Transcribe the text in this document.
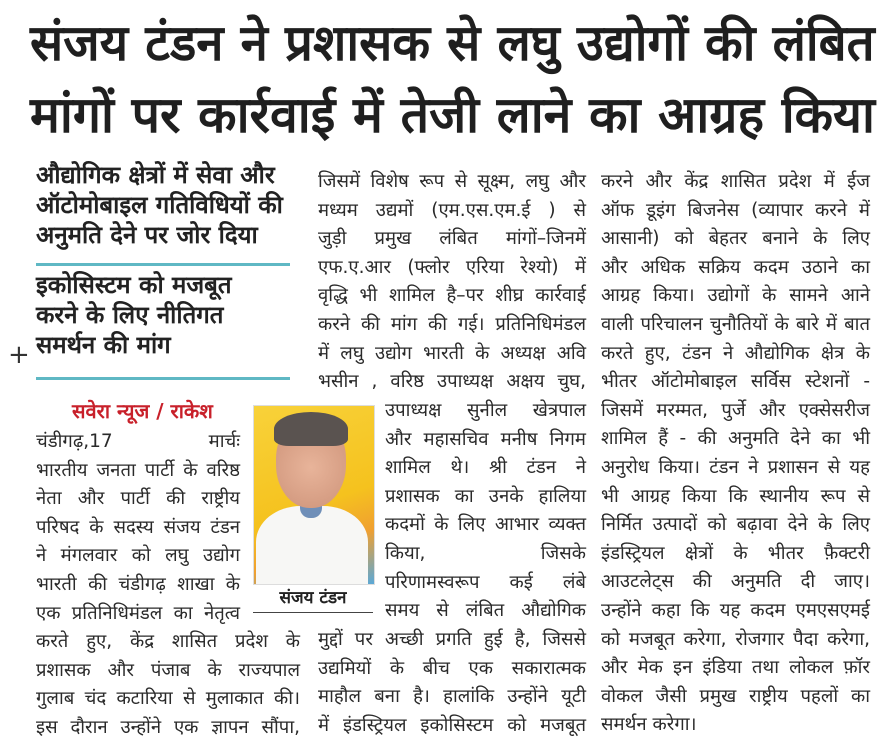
संजय टंडन ने प्रशासक से लघु उद्योगों की लंबित
मांगों पर कार्रवाई में तेजी लाने का आग्रह किया
औद्योगिक क्षेत्रों में सेवा और
ऑटोमोबाइल गतिविधियों की
अनुमति देने पर जोर दिया
इकोसिस्टम को मजबूत
करने के लिए नीतिगत
समर्थन की मांग
+
सवेरा न्यूज / राकेश
चंडीगढ़,17 मार्चः
भारतीय जनता पार्टी के वरिष्ठ
नेता और पार्टी की राष्ट्रीय
परिषद के सदस्य संजय टंडन
ने मंगलवार को लघु उद्योग
भारती की चंडीगढ़ शाखा के
एक प्रतिनिधिमंडल का नेतृत्व
करते हुए, केंद्र शासित प्रदेश के
प्रशासक और पंजाब के राज्यपाल
गुलाब चंद कटारिया से मुलाकात की।
इस दौरान उन्होंने एक ज्ञापन सौंपा,
संजय टंडन
जिसमें विशेष रूप से सूक्ष्म, लघु और
मध्यम उद्यमों (एम.एस.एम.ई ) से
जुड़ी प्रमुख लंबित मांगों–जिनमें
एफ.ए.आर (फ्लोर एरिया रेश्यो) में
वृद्धि भी शामिल है–पर शीघ्र कार्रवाई
करने की मांग की गई। प्रतिनिधिमंडल
में लघु उद्योग भारती के अध्यक्ष अवि
भसीन , वरिष्ठ उपाध्यक्ष अक्षय चुघ,
उपाध्यक्ष सुनील खेत्रपाल
और महासचिव मनीष निगम
शामिल थे। श्री टंडन ने
प्रशासक का उनके हालिया
कदमों के लिए आभार व्यक्त
किया, जिसके
परिणामस्वरूप कई लंबे
समय से लंबित औद्योगिक
मुद्दों पर अच्छी प्रगति हुई है, जिससे
उद्यमियों के बीच एक सकारात्मक
माहौल बना है। हालांकि उन्होंने यूटी
में इंडस्ट्रियल इकोसिस्टम को मजबूत
करने और केंद्र शासित प्रदेश में ईज
ऑफ डूइंग बिजनेस (व्यापार करने में
आसानी) को बेहतर बनाने के लिए
और अधिक सक्रिय कदम उठाने का
आग्रह किया। उद्योगों के सामने आने
वाली परिचालन चुनौतियों के बारे में बात
करते हुए, टंडन ने औद्योगिक क्षेत्र के
भीतर ऑटोमोबाइल सर्विस स्टेशनों -
जिसमें मरम्मत, पुर्जे और एक्सेसरीज
शामिल हैं - की अनुमति देने का भी
अनुरोध किया। टंडन ने प्रशासन से यह
भी आग्रह किया कि स्थानीय रूप से
निर्मित उत्पादों को बढ़ावा देने के लिए
इंडस्ट्रियल क्षेत्रों के भीतर फ़ैक्टरी
आउटलेट्स की अनुमति दी जाए।
उन्होंने कहा कि यह कदम एमएसएमई
को मजबूत करेगा, रोजगार पैदा करेगा,
और मेक इन इंडिया तथा लोकल फ़ॉर
वोकल जैसी प्रमुख राष्ट्रीय पहलों का
समर्थन करेगा।
